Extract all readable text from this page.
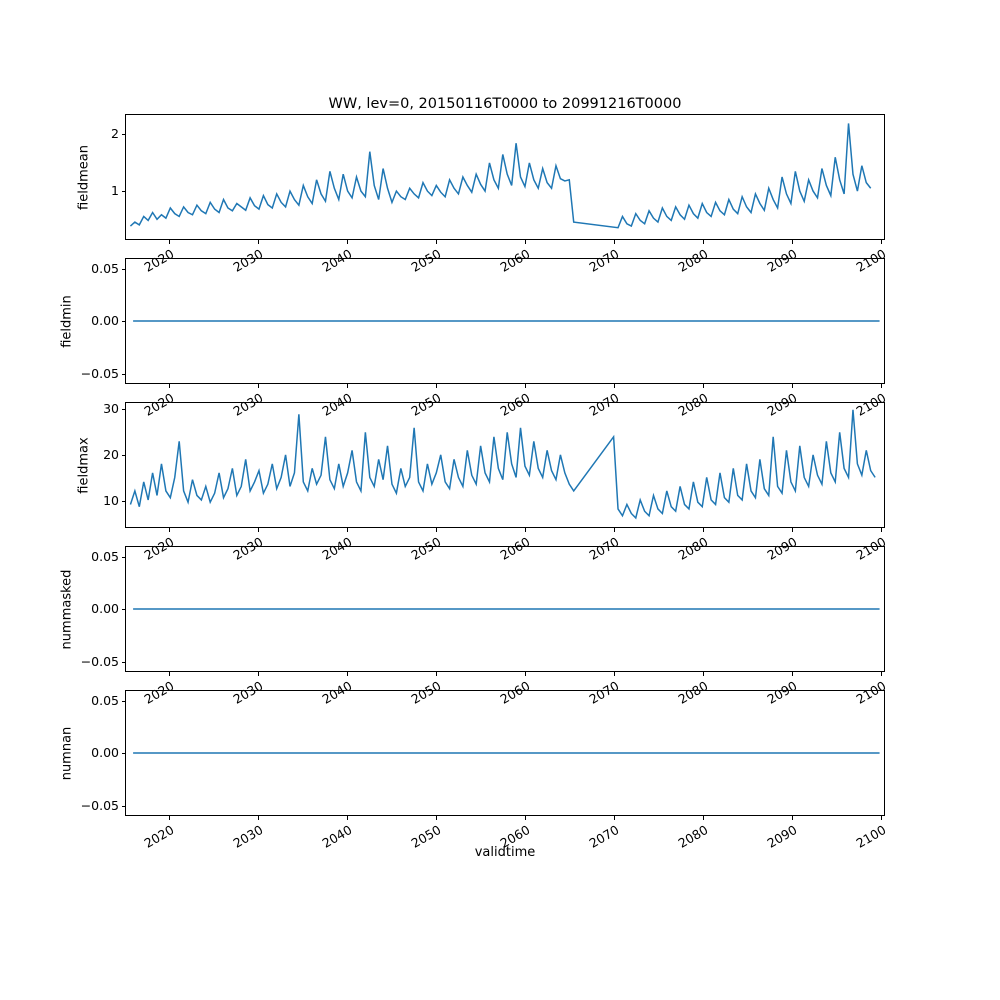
WW, lev=0, 20150116T0000 to 20991216T0000
fieldmean
fieldmin
fieldmax
nummasked
numnan
validtime
1
2
2020	2030	2040	2050	2060	2070	2080	2090	2100
−0.05
0.00
0.05
2020	2030	2040	2050	2060	2070	2080	2090	2100
10
20
30
2020	2030	2040	2050	2060	2070	2080	2090	2100
−0.05
0.00
0.05
2020	2030	2040	2050	2060	2070	2080	2090	2100
−0.05
0.00
0.05
2020	2030	2040	2050	2060	2070	2080	2090	2100
